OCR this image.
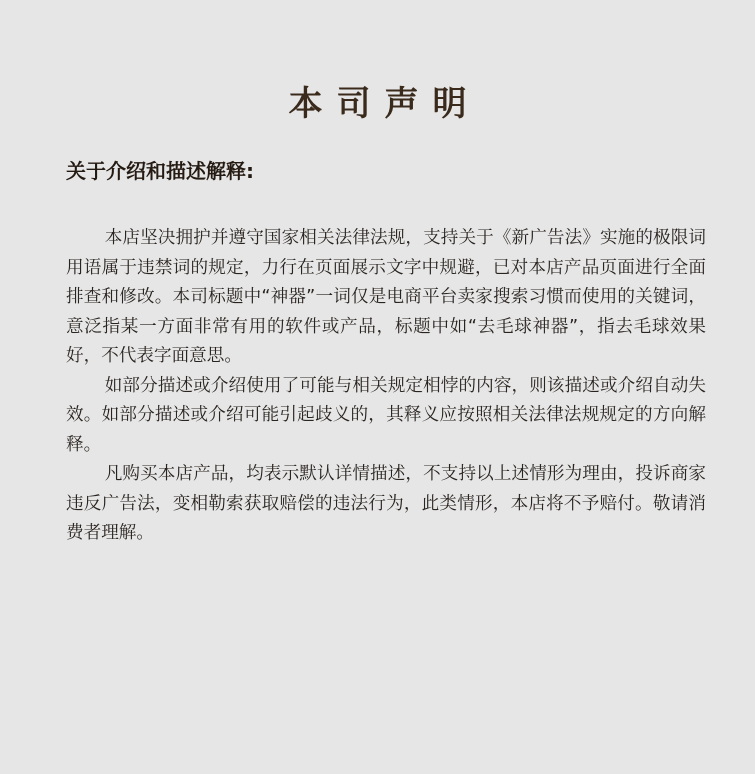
本司声明
关于介绍和描述解释:

本店坚决拥护并遵守国家相关法律法规，支持关于《新广告法》实施的极限词用语属于违禁词的规定，力行在页面展示文字中规避，已对本店产品页面进行全面排查和修改。本司标题中“神器”一词仅是电商平台卖家搜索习惯而使用的关键词，意泛指某一方面非常有用的软件或产品，标题中如“去毛球神器”，指去毛球效果好，不代表字面意思。

如部分描述或介绍使用了可能与相关规定相悖的内容，则该描述或介绍自动失效。如部分描述或介绍可能引起歧义的，其释义应按照相关法律法规规定的方向解释。

凡购买本店产品，均表示默认详情描述，不支持以上述情形为理由，投诉商家违反广告法，变相勒索获取赔偿的违法行为，此类情形，本店将不予赔付。敬请消费者理解。
